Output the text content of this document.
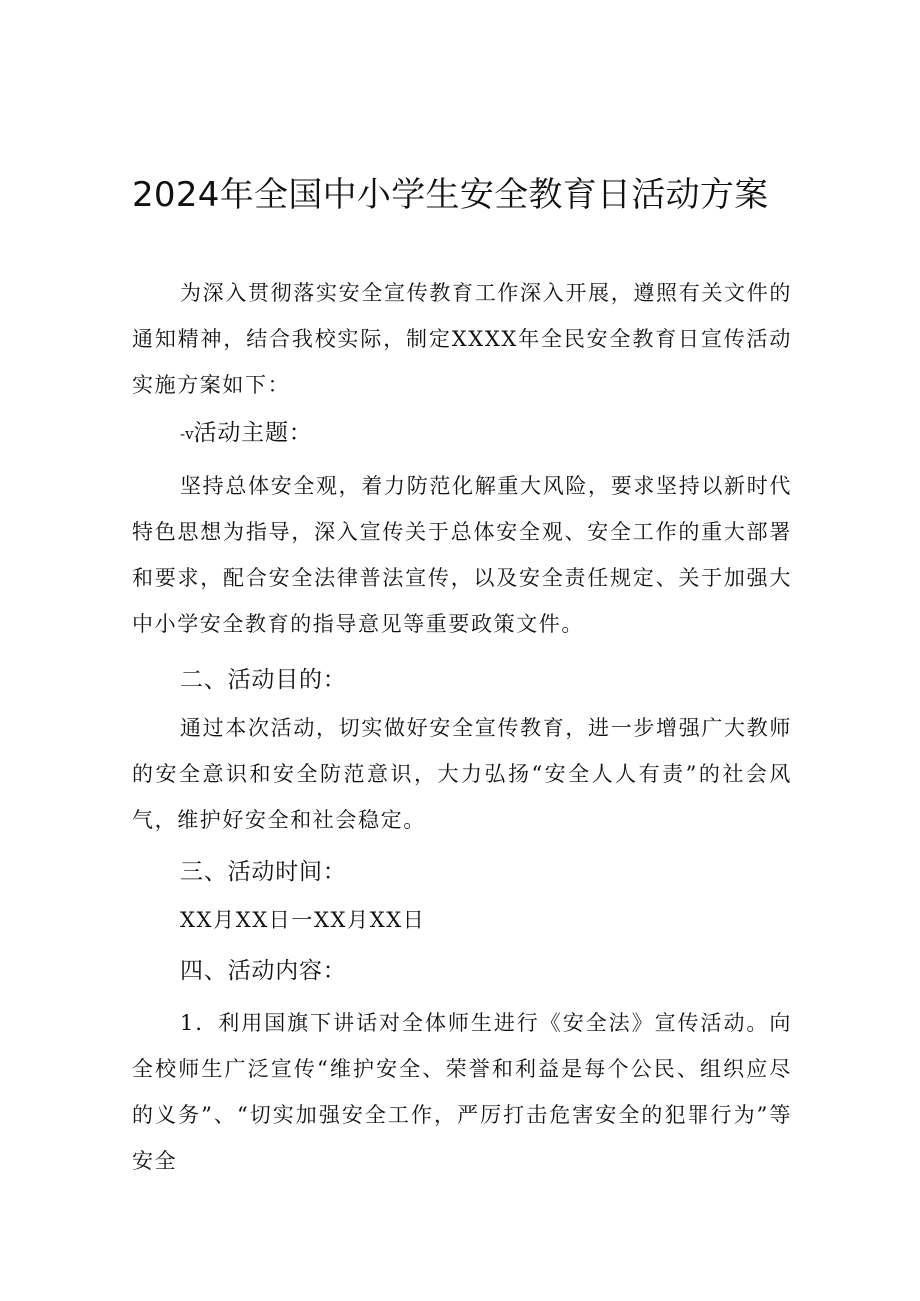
2024年全国中小学生安全教育日活动方案

为深入贯彻落实安全宣传教育工作深入开展，遵照有关文件的通知精神，结合我校实际，制定XXXX年全民安全教育日宣传活动实施方案如下：

-v活动主题：

坚持总体安全观，着力防范化解重大风险，要求坚持以新时代特色思想为指导，深入宣传关于总体安全观、安全工作的重大部署和要求，配合安全法律普法宣传，以及安全责任规定、关于加强大中小学安全教育的指导意见等重要政策文件。

二、活动目的：

通过本次活动，切实做好安全宣传教育，进一步增强广大教师的安全意识和安全防范意识，大力弘扬“安全人人有责”的社会风气，维护好安全和社会稳定。

三、活动时间：

XX月XX日一XX月XX日

四、活动内容：

1．利用国旗下讲话对全体师生进行《安全法》宣传活动。向全校师生广泛宣传“维护安全、荣誉和利益是每个公民、组织应尽的义务”、“切实加强安全工作，严厉打击危害安全的犯罪行为”等安全
